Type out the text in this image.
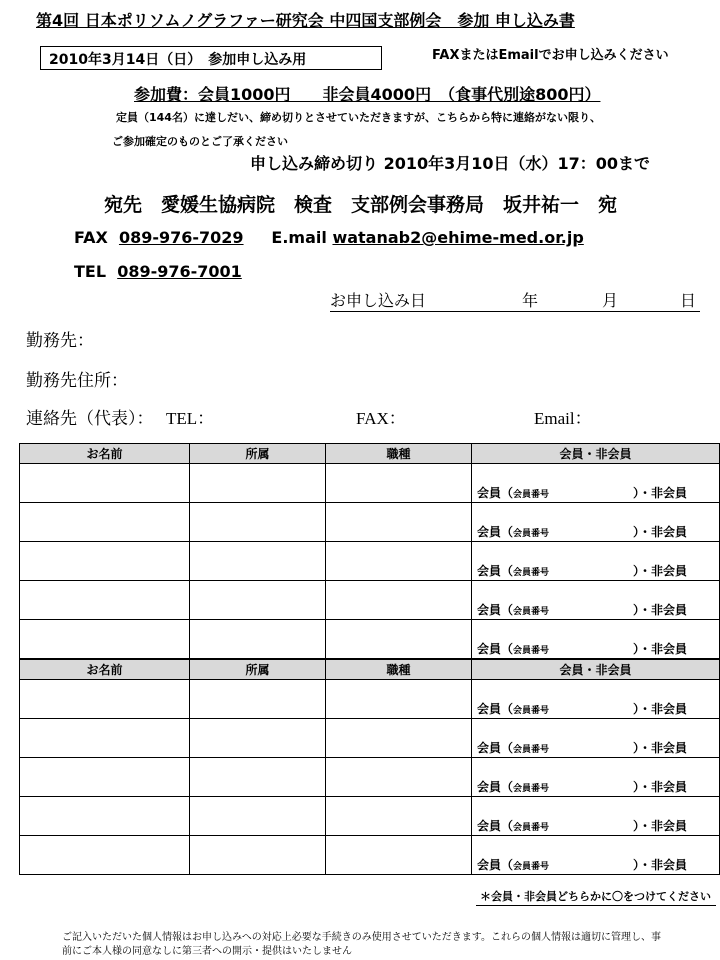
第4回 日本ポリソムノグラファー研究会 中四国支部例会　参加 申し込み書
2010年3月14日（日）　参加申し込み用	FAXまたはEmailでお申し込みください
参加費：会員1000円　　非会員4000円　（食事代別途800円）
定員（144名）に達しだい、締め切りとさせていただきますが、こちらから特に連絡がない限り、
ご参加確定のものとご了承ください
申し込み締め切り 2010年3月10日（水）17：00まで
宛先　愛媛生協病院　検査　支部例会事務局　坂井祐一　宛
FAX 089-976-7029 E.mail watanab2@ehime-med.or.jp
TEL 089-976-7001
お申し込み日	年	月	日
勤務先：
勤務先住所：
連絡先（代表）： TEL：	FAX：	Email：
お名前	所属	職種	会員・非会員

			会員（ 会員番号 ）・非会員

			会員（ 会員番号 ）・非会員

			会員（ 会員番号 ）・非会員

			会員（ 会員番号 ）・非会員

			会員（ 会員番号 ）・非会員
お名前	所属	職種	会員・非会員

			会員（ 会員番号 ）・非会員

			会員（ 会員番号 ）・非会員

			会員（ 会員番号 ）・非会員

			会員（ 会員番号 ）・非会員

			会員（ 会員番号 ）・非会員
＊会員・非会員どちらかに〇をつけてください
ご記入いただいた個人情報はお申し込みへの対応上必要な手続きのみ使用させていただきます。これらの個人情報は適切に管理し、事
前にご本人様の同意なしに第三者への開示・提供はいたしません
